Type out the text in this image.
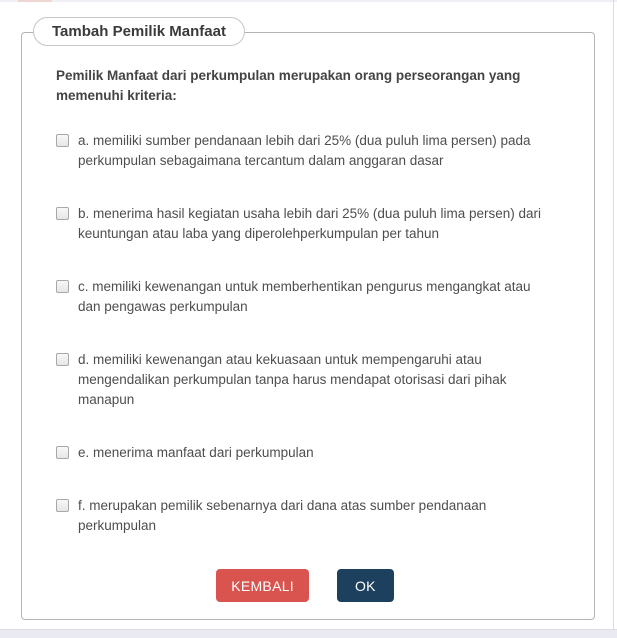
Tambah Pemilik Manfaat

Pemilik Manfaat dari perkumpulan merupakan orang perseorangan yang memenuhi kriteria:

a. memiliki sumber pendanaan lebih dari 25% (dua puluh lima persen) pada perkumpulan sebagaimana tercantum dalam anggaran dasar
b. menerima hasil kegiatan usaha lebih dari 25% (dua puluh lima persen) dari keuntungan atau laba yang diperolehperkumpulan per tahun
c. memiliki kewenangan untuk memberhentikan pengurus mengangkat atau dan pengawas perkumpulan
d. memiliki kewenangan atau kekuasaan untuk mempengaruhi atau mengendalikan perkumpulan tanpa harus mendapat otorisasi dari pihak manapun
e. menerima manfaat dari perkumpulan
f. merupakan pemilik sebenarnya dari dana atas sumber pendanaan perkumpulan
KEMBALI	OK
